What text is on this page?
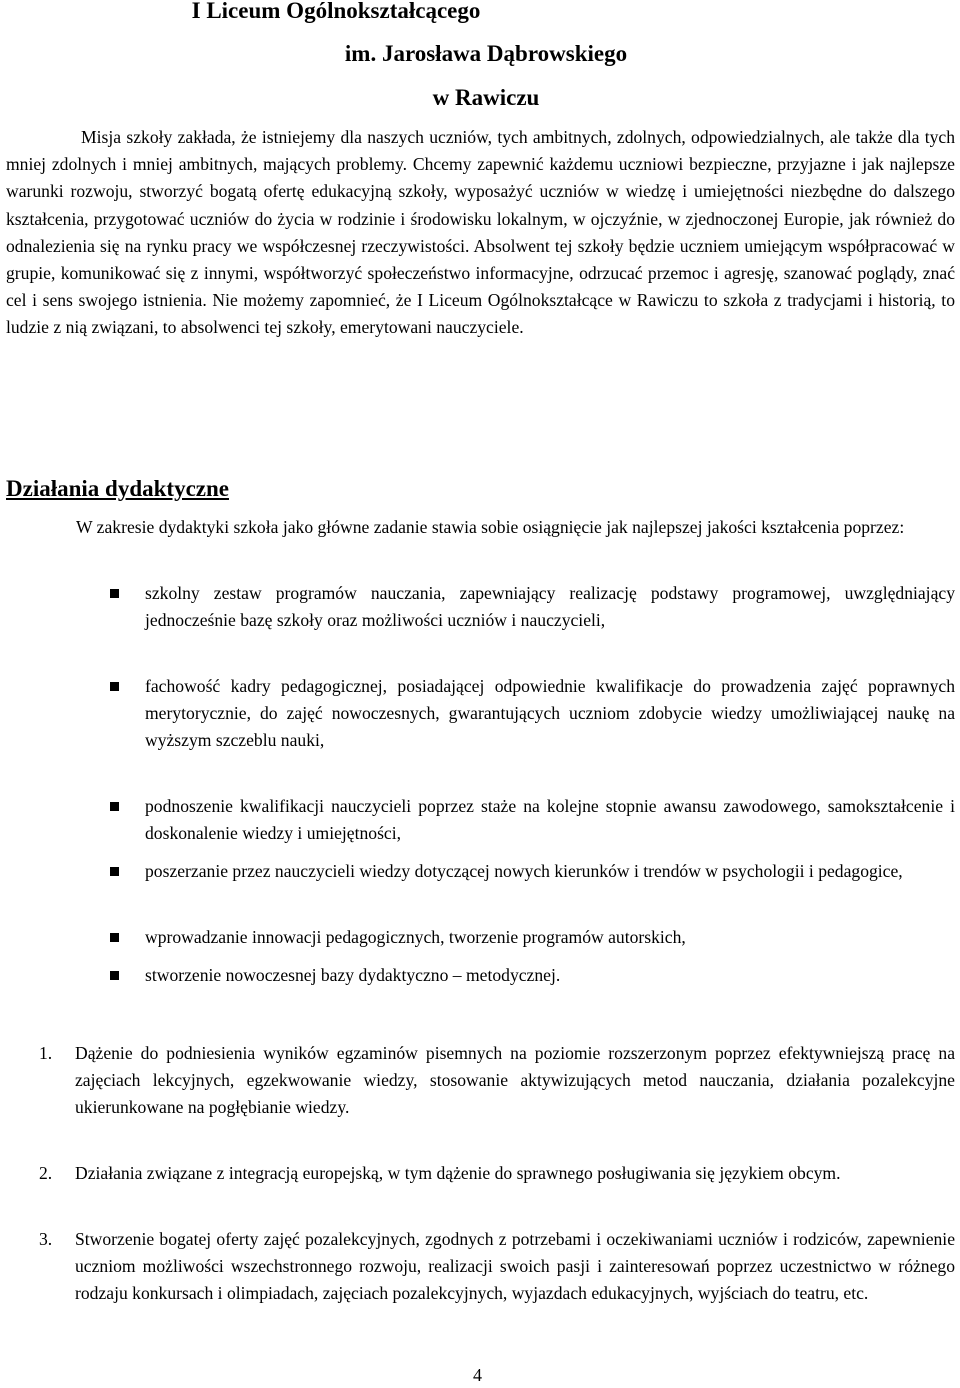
I Liceum Ogólnokształcącego
im. Jarosława Dąbrowskiego
w Rawiczu

Misja szkoły zakłada, że istniejemy dla naszych uczniów, tych ambitnych, zdolnych, odpowiedzialnych, ale także dla tych mniej zdolnych i mniej ambitnych, mających problemy. Chcemy zapewnić każdemu uczniowi bezpieczne, przyjazne i jak najlepsze warunki rozwoju, stworzyć bogatą ofertę edukacyjną szkoły, wyposażyć uczniów w wiedzę i umiejętności niezbędne do dalszego kształcenia, przygotować uczniów do życia w rodzinie i środowisku lokalnym, w ojczyźnie, w zjednoczonej Europie, jak również do odnalezienia się na rynku pracy we współczesnej rzeczywistości. Absolwent tej szkoły będzie uczniem umiejącym współpracować w grupie, komunikować się z innymi, współtworzyć społeczeństwo informacyjne, odrzucać przemoc i agresję, szanować poglądy, znać cel i sens swojego istnienia. Nie możemy zapomnieć, że I Liceum Ogólnokształcące w Rawiczu to szkoła z tradycjami i historią, to ludzie z nią związani, to absolwenci tej szkoły, emerytowani nauczyciele.

Działania dydaktyczne

W zakresie dydaktyki szkoła jako główne zadanie stawia sobie osiągnięcie jak najlepszej jakości kształcenia poprzez:

szkolny zestaw programów nauczania, zapewniający realizację podstawy programowej, uwzględniający jednocześnie bazę szkoły oraz możliwości uczniów i nauczycieli,
fachowość kadry pedagogicznej, posiadającej odpowiednie kwalifikacje do prowadzenia zajęć poprawnych merytorycznie, do zajęć nowoczesnych, gwarantujących uczniom zdobycie wiedzy umożliwiającej naukę na wyższym szczeblu nauki,
podnoszenie kwalifikacji nauczycieli poprzez staże na kolejne stopnie awansu zawodowego, samokształcenie i doskonalenie wiedzy i umiejętności,
poszerzanie przez nauczycieli wiedzy dotyczącej nowych kierunków i trendów w psychologii i pedagogice,
wprowadzanie innowacji pedagogicznych, tworzenie programów autorskich,
stworzenie nowoczesnej bazy dydaktyczno – metodycznej.
1. Dążenie do podniesienia wyników egzaminów pisemnych na poziomie rozszerzonym poprzez efektywniejszą pracę na zajęciach lekcyjnych, egzekwowanie wiedzy, stosowanie aktywizujących metod nauczania, działania pozalekcyjne ukierunkowane na pogłębianie wiedzy.
2. Działania związane z integracją europejską, w tym dążenie do sprawnego posługiwania się językiem obcym.
3. Stworzenie bogatej oferty zajęć pozalekcyjnych, zgodnych z potrzebami i oczekiwaniami uczniów i rodziców, zapewnienie uczniom możliwości wszechstronnego rozwoju, realizacji swoich pasji i zainteresowań poprzez uczestnictwo w różnego rodzaju konkursach i olimpiadach, zajęciach pozalekcyjnych, wyjazdach edukacyjnych, wyjściach do teatru, etc.
4
